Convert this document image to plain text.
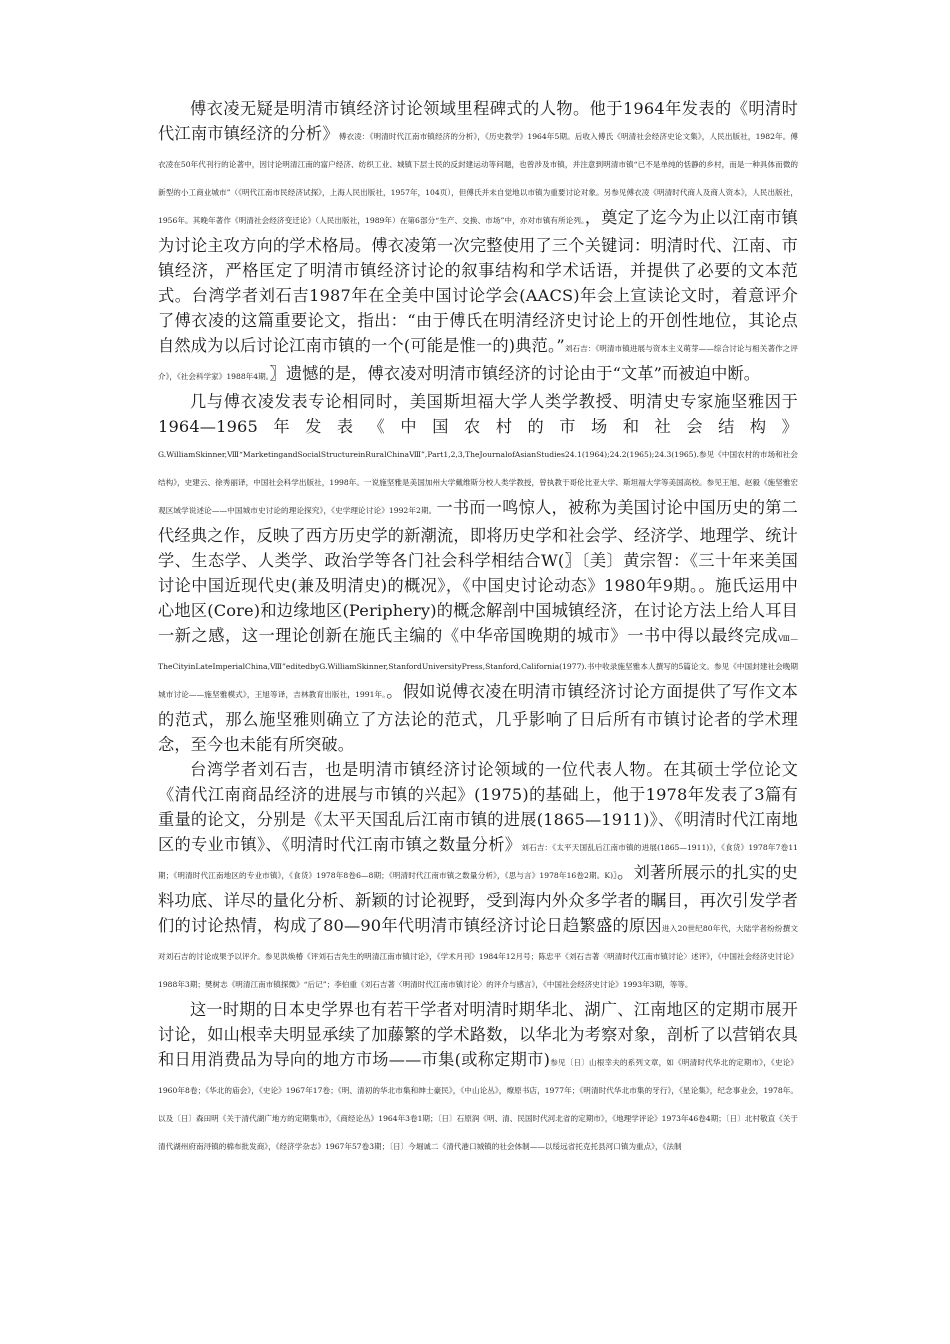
傅衣凌无疑是明清市镇经济讨论领域里程碑式的人物。他于1964年发表的《明清时代江南市镇经济的分析》傅衣凌：《明清时代江南市镇经济的分析》，《历史教学》1964年5期。后收入傅氏《明清社会经济史论文集》，人民出版社，1982年。傅衣凌在50年代刊行的论著中，因讨论明清江南的富户经济、纺织工业、城镇下层士民的反封建运动等问题，也曾涉及市镇，并注意到明清市镇“已不是单纯的恬静的乡村，而是一种具体而微的新型的小工商业城市”（《明代江南市民经济试探》，上海人民出版社，1957年，104页），但傅氏并未自觉地以市镇为重要讨论对象。另参见傅衣凌《明清时代商人及商人资本》，人民出版社，1956年。其晚年著作《明清社会经济变迁论》（人民出版社，1989年）在第6部分“生产、交换、市场”中，亦对市镇有所论列。，奠定了迄今为止以江南市镇为讨论主攻方向的学术格局。傅衣凌第一次完整使用了三个关键词：明清时代、江南、市镇经济，严格匡定了明清市镇经济讨论的叙事结构和学术话语，并提供了必要的文本范式。台湾学者刘石吉1987年在全美中国讨论学会(AACS)年会上宣读论文时，着意评介了傅衣凌的这篇重要论文，指出：“由于傅氏在明清经济史讨论上的开创性地位，其论点自然成为以后讨论江南市镇的一个(可能是惟一的)典范。”刘石吉：《明清市镇进展与资本主义萌芽——综合讨论与相关著作之评介》，《社会科学家》1988年4期。〗遗憾的是，傅衣凌对明清市镇经济的讨论由于“文革”而被迫中断。

几与傅衣凌发表专论相同时，美国斯坦福大学人类学教授、明清史专家施坚雅因于1964—1965年发表《中国农村的市场和社会结构》G.WilliamSkinner,Ⅷ“MarketingandSocialStructureinRuralChinaⅧ”,Part1,2,3,TheJournalofAsianStudies24.1(1964);24.2(1965);24.3(1965).参见《中国农村的市场和社会结构》，史建云、徐秀丽译，中国社会科学出版社，1998年。一说施坚雅是美国加州大学戴维斯分校人类学教授，曾执教于哥伦比亚大学、斯坦福大学等美国高校。参见王旭、赵毅《施坚雅宏观区域学说述论——中国城市史讨论的理论探究》，《史学理论讨论》1992年2期。一书而一鸣惊人，被称为美国讨论中国历史的第二代经典之作，反映了西方历史学的新潮流，即将历史学和社会学、经济学、地理学、统计学、生态学、人类学、政治学等各门社会科学相结合W(〗〔美〕黄宗智：《三十年来美国讨论中国近现代史(兼及明清史)的概况》，《中国史讨论动态》1980年9期。。施氏运用中心地区(Core)和边缘地区(Periphery)的概念解剖中国城镇经济，在讨论方法上给人耳目一新之感，这一理论创新在施氏主编的《中华帝国晚期的城市》一书中得以最终完成Ⅷ—TheCityinLateImperialChina,Ⅷ”editedbyG.WilliamSkinner,StanfordUniversityPress,Stanford,California(1977).书中收录施坚雅本人撰写的5篇论文。参见《中国封建社会晚期城市讨论——施坚雅模式》，王旭等译，吉林教育出版社，1991年。。假如说傅衣凌在明清市镇经济讨论方面提供了写作文本的范式，那么施坚雅则确立了方法论的范式，几乎影响了日后所有市镇讨论者的学术理念，至今也未能有所突破。

台湾学者刘石吉，也是明清市镇经济讨论领域的一位代表人物。在其硕士学位论文《清代江南商品经济的进展与市镇的兴起》(1975)的基础上，他于1978年发表了3篇有重量的论文，分别是《太平天国乱后江南市镇的进展(1865—1911)》、《明清时代江南地区的专业市镇》、《明清时代江南市镇之数量分析》刘石吉：《太平天国乱后江南市镇的进展(1865—1911)》，《食货》1978年7卷11期；《明清时代江南地区的专业市镇》，《食货》1978年8卷6—8期；《明清时代江南市镇之数量分析》，《思与言》1978年16卷2期。K)〗。刘著所展示的扎实的史料功底、详尽的量化分析、新颖的讨论视野，受到海内外众多学者的瞩目，再次引发学者们的讨论热情，构成了80—90年代明清市镇经济讨论日趋繁盛的原因进入20世纪80年代，大陆学者纷纷撰文对刘石吉的讨论成果予以评介。参见洪焕椿《评刘石吉先生的明清江南市镇讨论》，《学术月刊》1984年12月号；陈忠平《刘石吉著〈明清时代江南市镇讨论〉述评》，《中国社会经济史讨论》1988年3期；樊树志《明清江南市镇探微》“后记”；李伯重《刘石吉著〈明清时代江南市镇讨论〉的评介与感言》，《中国社会经济史讨论》1993年3期，等等。

这一时期的日本史学界也有若干学者对明清时期华北、湖广、江南地区的定期市展开讨论，如山根幸夫明显承续了加藤繁的学术路数，以华北为考察对象，剖析了以营销农具和日用消费品为导向的地方市场——市集(或称定期市)参见〔日〕山根幸夫的系列文章，如《明清时代华北的定期市》，《史论》1960年8卷；《华北的庙会》，《史论》1967年17卷；《明、清初的华北市集和绅士豪民》，《中山论丛》，燎原书店，1977年；《明清时代华北市集的牙行》，《星论集》，纪念事业会，1978年。以及〔日〕森田明《关于清代湖广地方的定期集市》，《商经论丛》1964年3卷1期；〔日〕石原润《明、清、民国时代河北省的定期市》，《地理学评论》1973年46卷4期；〔日〕北村敬直《关于清代湖州府南浔镇的棉布批发商》，《经济学杂志》1967年57卷3期；〔日〕今堀诚二《清代港口城镇的社会体制——以绥远省托克托县河口镇为重点》，《法制
